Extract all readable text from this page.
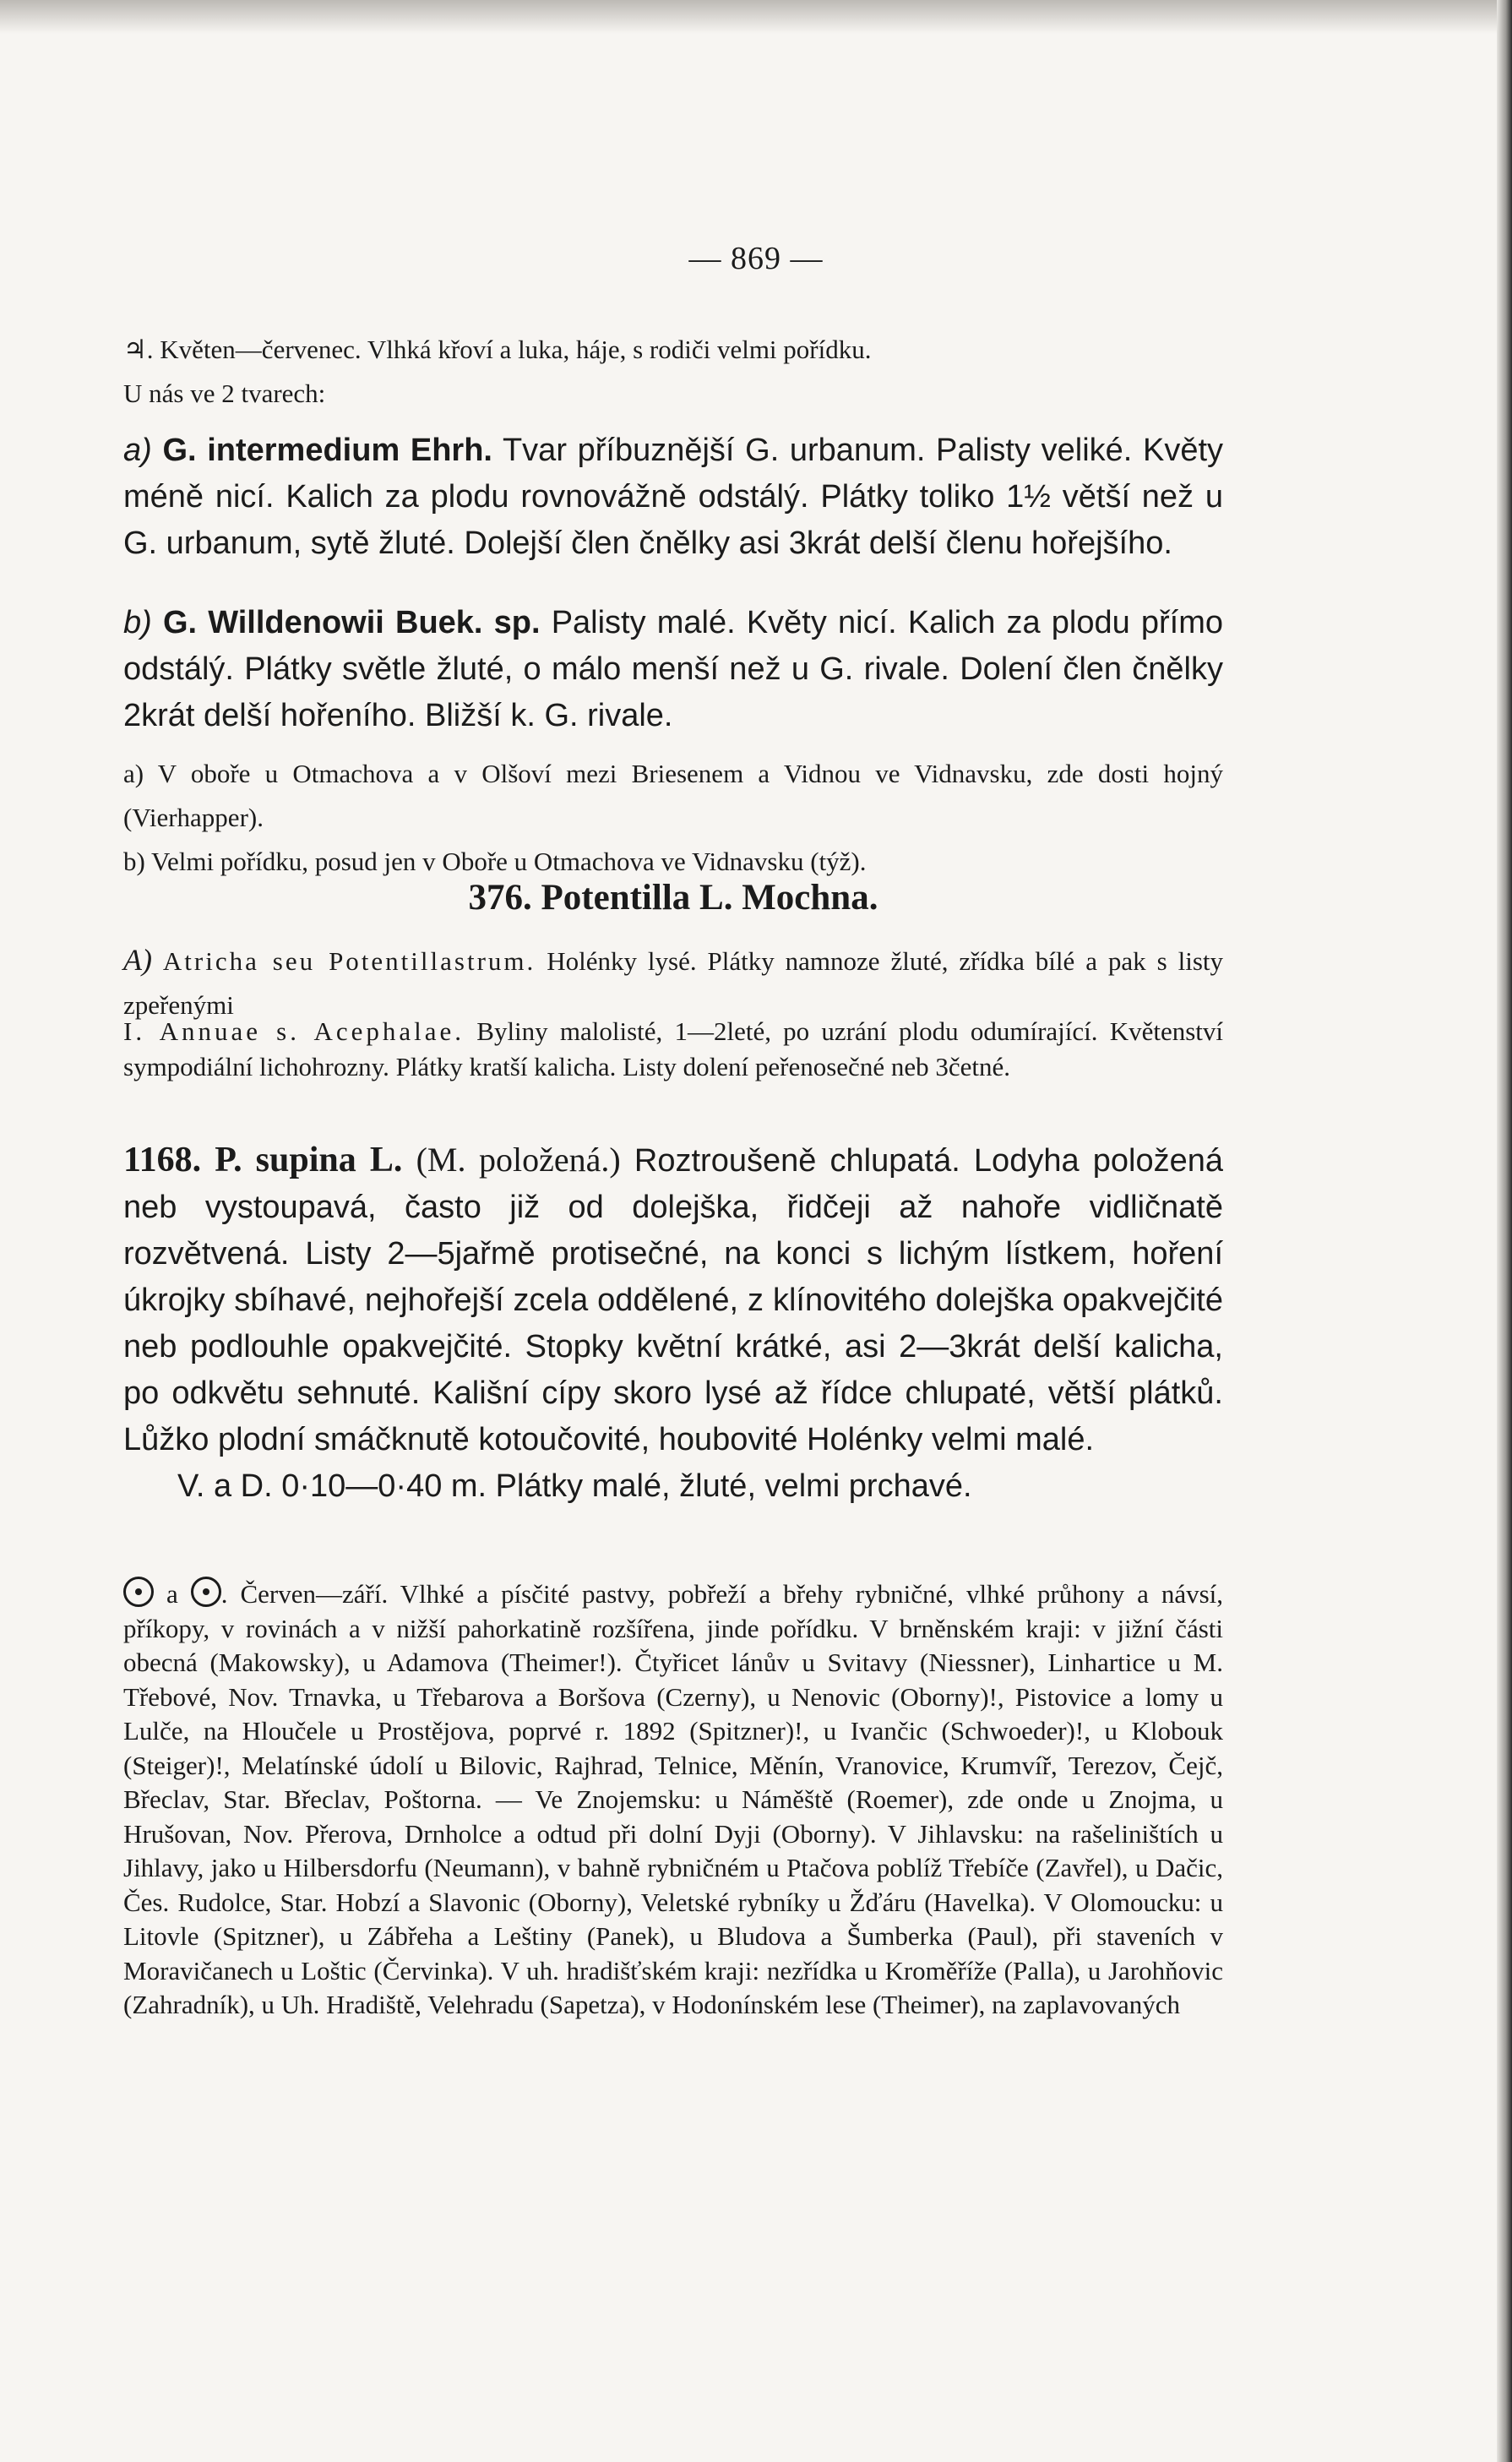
— 869 —

♃. Květen—červenec. Vlhká křoví a luka, háje, s rodiči velmi pořídku.

U nás ve 2 tvarech:

a) G. intermedium Ehrh. Tvar příbuznější G. urbanum. Palisty veliké. Květy méně nicí. Kalich za plodu rovnovážně odstálý. Plátky toliko 1½ větší než u G. urbanum, sytě žluté. Dolejší člen čnělky asi 3krát delší členu hořejšího.

b) G. Willdenowii Buek. sp. Palisty malé. Květy nicí. Kalich za plodu přímo odstálý. Plátky světle žluté, o málo menší než u G. rivale. Dolení člen čnělky 2krát delší hořeního. Bližší k. G. rivale.

a) V oboře u Otmachova a v Olšoví mezi Briesenem a Vidnou ve Vidnavsku, zde dosti hojný (Vierhapper).

b) Velmi pořídku, posud jen v Oboře u Otmachova ve Vidnavsku (týž).

376. Potentilla L. Mochna.

A) Atricha seu Potentillastrum. Holénky lysé. Plátky namnoze žluté, zřídka bílé a pak s listy zpeřenými

I. Annuae s. Acephalae. Byliny malolisté, 1—2leté, po uzrání plodu odumírající. Květenství sympodiální lichohrozny. Plátky kratší kalicha. Listy dolení peřenosečné neb 3četné.

1168. P. supina L. (M. položená.) Roztroušeně chlupatá. Lodyha položená neb vystoupavá, často již od dolejška, řidčeji až nahoře vidličnatě rozvětvená. Listy 2—5jařmě protisečné, na konci s lichým lístkem, hoření úkrojky sbíhavé, nejhořejší zcela oddělené, z klínovitého dolejška opakvejčité neb podlouhle opakvejčité. Stopky květní krátké, asi 2—3krát delší kalicha, po odkvětu sehnuté. Kališní cípy skoro lysé až řídce chlupaté, větší plátků. Lůžko plodní smáčknutě kotoučovité, houbovité Holénky velmi malé.

V. a D. 0·10—0·40 m. Plátky malé, žluté, velmi prchavé.

a . Červen—září. Vlhké a písčité pastvy, pobřeží a břehy rybničné, vlhké průhony a návsí, příkopy, v rovinách a v nižší pahorkatině rozšířena, jinde pořídku. V brněnském kraji: v jižní části obecná (Makowsky), u Adamova (Theimer!). Čtyřicet lánův u Svitavy (Niessner), Linhartice u M. Třebové, Nov. Trnavka, u Třebarova a Boršova (Czerny), u Nenovic (Oborny)!, Pistovice a lomy u Lulče, na Hloučele u Prostějova, poprvé r. 1892 (Spitzner)!, u Ivančic (Schwoeder)!, u Klobouk (Steiger)!, Melatínské údolí u Bilovic, Rajhrad, Telnice, Měnín, Vranovice, Krumvíř, Terezov, Čejč, Břeclav, Star. Břeclav, Poštorna. — Ve Znojemsku: u Náměště (Roemer), zde onde u Znojma, u Hrušovan, Nov. Přerova, Drnholce a odtud při dolní Dyji (Oborny). V Jihlavsku: na rašeliništích u Jihlavy, jako u Hilbersdorfu (Neumann), v bahně rybničném u Ptačova poblíž Třebíče (Zavřel), u Dačic, Čes. Rudolce, Star. Hobzí a Slavonic (Oborny), Veletské rybníky u Žďáru (Havelka). V Olomoucku: u Litovle (Spitzner), u Zábřeha a Leštiny (Panek), u Bludova a Šumberka (Paul), při staveních v Moravičanech u Loštic (Červinka). V uh. hradišťském kraji: nezřídka u Kroměříže (Palla), u Jarohňovic (Zahradník), u Uh. Hradiště, Velehradu (Sapetza), v Hodonínském lese (Theimer), na zaplavovaných
